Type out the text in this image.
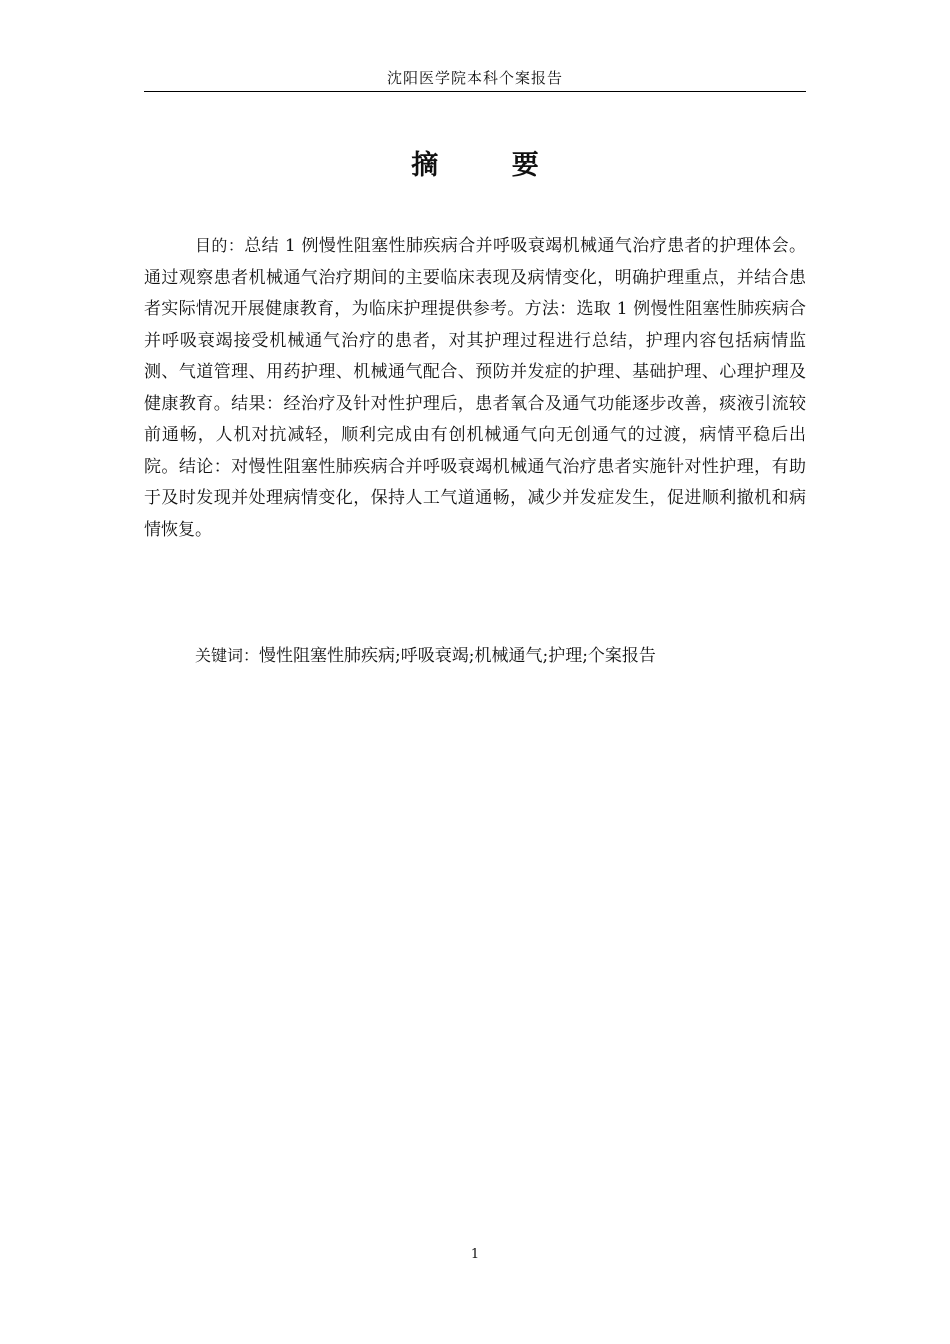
沈阳医学院本科个案报告
摘 要

目的：总结 1 例慢性阻塞性肺疾病合并呼吸衰竭机械通气治疗患者的护理体会。通过观察患者机械通气治疗期间的主要临床表现及病情变化，明确护理重点，并结合患者实际情况开展健康教育，为临床护理提供参考。方法：选取 1 例慢性阻塞性肺疾病合并呼吸衰竭接受机械通气治疗的患者，对其护理过程进行总结，护理内容包括病情监测、气道管理、用药护理、机械通气配合、预防并发症的护理、基础护理、心理护理及健康教育。结果：经治疗及针对性护理后，患者氧合及通气功能逐步改善，痰液引流较前通畅，人机对抗减轻，顺利完成由有创机械通气向无创通气的过渡，病情平稳后出院。结论：对慢性阻塞性肺疾病合并呼吸衰竭机械通气治疗患者实施针对性护理，有助于及时发现并处理病情变化，保持人工气道通畅，减少并发症发生，促进顺利撤机和病情恢复。

关键词：慢性阻塞性肺疾病;呼吸衰竭;机械通气;护理;个案报告

1
